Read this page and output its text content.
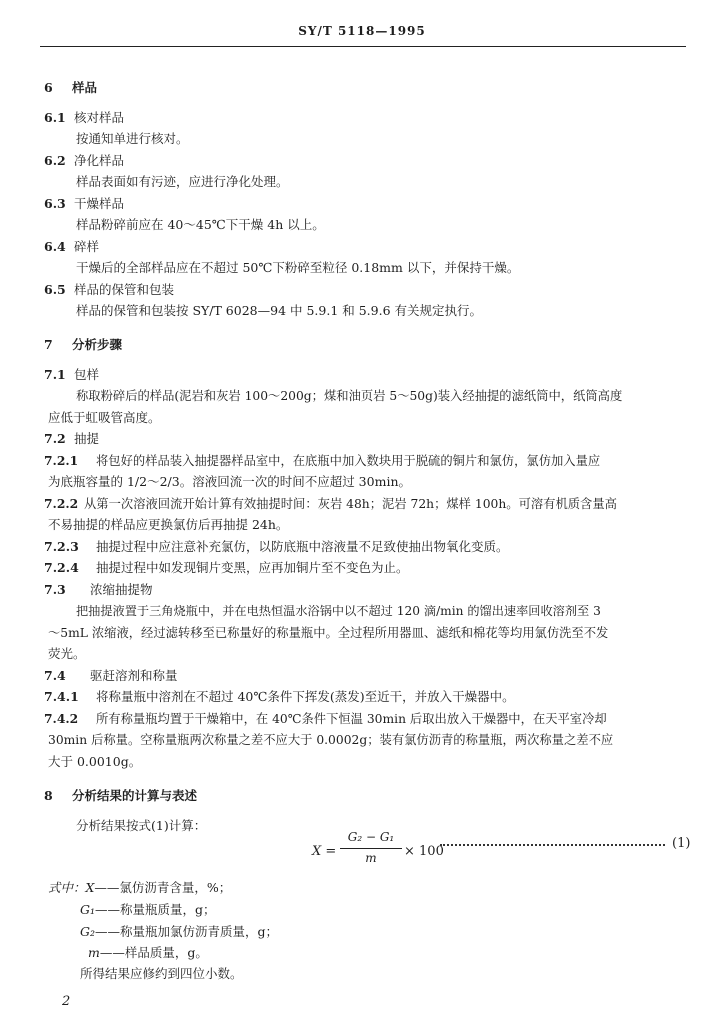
SY/T 5118—1995
6 样品
6.1 核对样品
按通知单进行核对。
6.2 净化样品
样品表面如有污迹，应进行净化处理。
6.3 干燥样品
样品粉碎前应在 40～45℃下干燥 4h 以上。
6.4 碎样
干燥后的全部样品应在不超过 50℃下粉碎至粒径 0.18mm 以下，并保持干燥。
6.5 样品的保管和包装
样品的保管和包装按 SY/T 6028—94 中 5.9.1 和 5.9.6 有关规定执行。
7 分析步骤
7.1 包样
称取粉碎后的样品(泥岩和灰岩 100～200g；煤和油页岩 5～50g)装入经抽提的滤纸筒中，纸筒高度
应低于虹吸管高度。
7.2 抽提
7.2.1 将包好的样品装入抽提器样品室中，在底瓶中加入数块用于脱硫的铜片和氯仿，氯仿加入量应
为底瓶容量的 1/2～2/3。溶液回流一次的时间不应超过 30min。
7.2.2 从第一次溶液回流开始计算有效抽提时间：灰岩 48h；泥岩 72h；煤样 100h。可溶有机质含量高
不易抽提的样品应更换氯仿后再抽提 24h。
7.2.3 抽提过程中应注意补充氯仿，以防底瓶中溶液量不足致使抽出物氧化变质。
7.2.4 抽提过程中如发现铜片变黑，应再加铜片至不变色为止。
7.3 浓缩抽提物
把抽提液置于三角烧瓶中，并在电热恒温水浴锅中以不超过 120 滴/min 的馏出速率回收溶剂至 3
～5mL 浓缩液，经过滤转移至已称量好的称量瓶中。全过程所用器皿、滤纸和棉花等均用氯仿洗至不发
荧光。
7.4 驱赶溶剂和称量
7.4.1 将称量瓶中溶剂在不超过 40℃条件下挥发(蒸发)至近干，并放入干燥器中。
7.4.2 所有称量瓶均置于干燥箱中，在 40℃条件下恒温 30min 后取出放入干燥器中，在天平室冷却
30min 后称量。空称量瓶两次称量之差不应大于 0.0002g；装有氯仿沥青的称量瓶，两次称量之差不应
大于 0.0010g。
8 分析结果的计算与表述
分析结果按式(1)计算：
X =
G₂ − G₁
m	× 100
(1)
式中：X——氯仿沥青含量，%；
G₁——称量瓶质量，g；
G₂——称量瓶加氯仿沥青质量，g；
m——样品质量，g。
所得结果应修约到四位小数。
2
